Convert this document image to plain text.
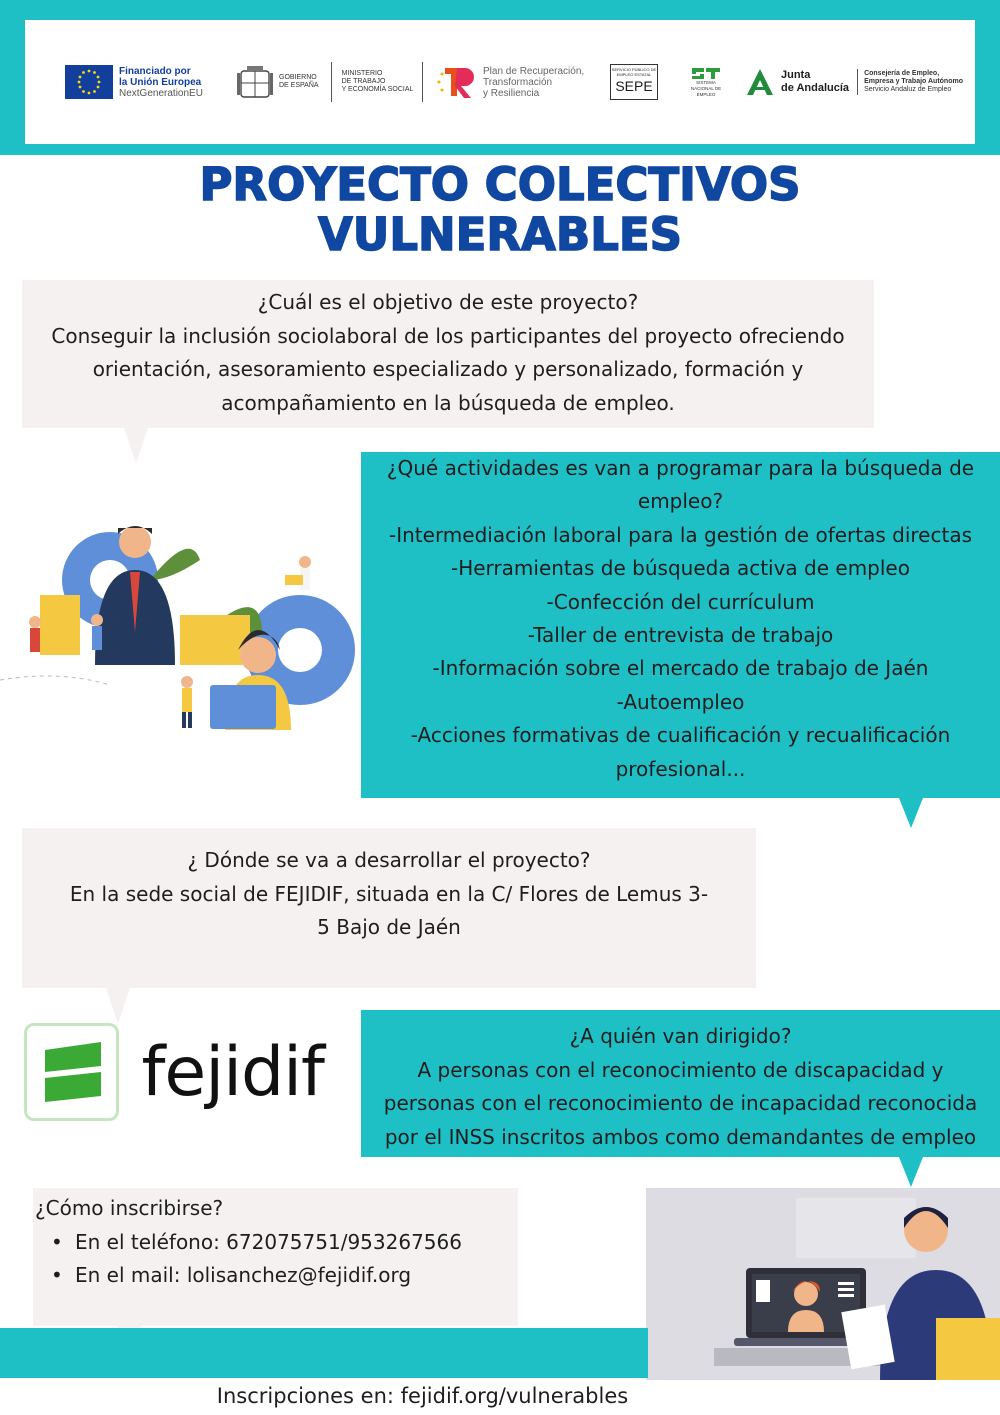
Financiado por
la Unión Europea
NextGenerationEU
GOBIERNO
DE ESPAÑA
MINISTERIO
DE TRABAJO
Y ECONOMÍA SOCIAL
Plan de Recuperación,
Transformación
y Resiliencia
SERVICIO PÚBLICO DE EMPLEO ESTATAL
SEPE	SISTEMA NACIONAL DE EMPLEO
Junta
de Andalucía
Consejería de Empleo,
Empresa y Trabajo Autónomo
Servicio Andaluz de Empleo
PROYECTO COLECTIVOS
VULNERABLES

¿Cuál es el objetivo de este proyecto?

Conseguir la inclusión sociolaboral de los participantes del proyecto ofreciendo

orientación, asesoramiento especializado y personalizado, formación y

acompañamiento en la búsqueda de empleo.

¿Qué actividades es van a programar para la búsqueda de

empleo?

-Intermediación laboral para la gestión de ofertas directas

-Herramientas de búsqueda activa de empleo

-Confección del currículum

-Taller de entrevista de trabajo

-Información sobre el mercado de trabajo de Jaén

-Autoempleo

-Acciones formativas de cualificación y recualificación

profesional...

¿ Dónde se va a desarrollar el proyecto?

En la sede social de FEJIDIF, situada en la C/ Flores de Lemus 3-

5 Bajo de Jaén

fejidif	¿A quién van dirigido?

A personas con el reconocimiento de discapacidad y

personas con el reconocimiento de incapacidad reconocida

por el INSS inscritos ambos como demandantes de empleo

¿Cómo inscribirse?

• En el teléfono: 672075751/953267566
• En el mail: lolisanchez@fejidif.org
Inscripciones en: fejidif.org/vulnerables
